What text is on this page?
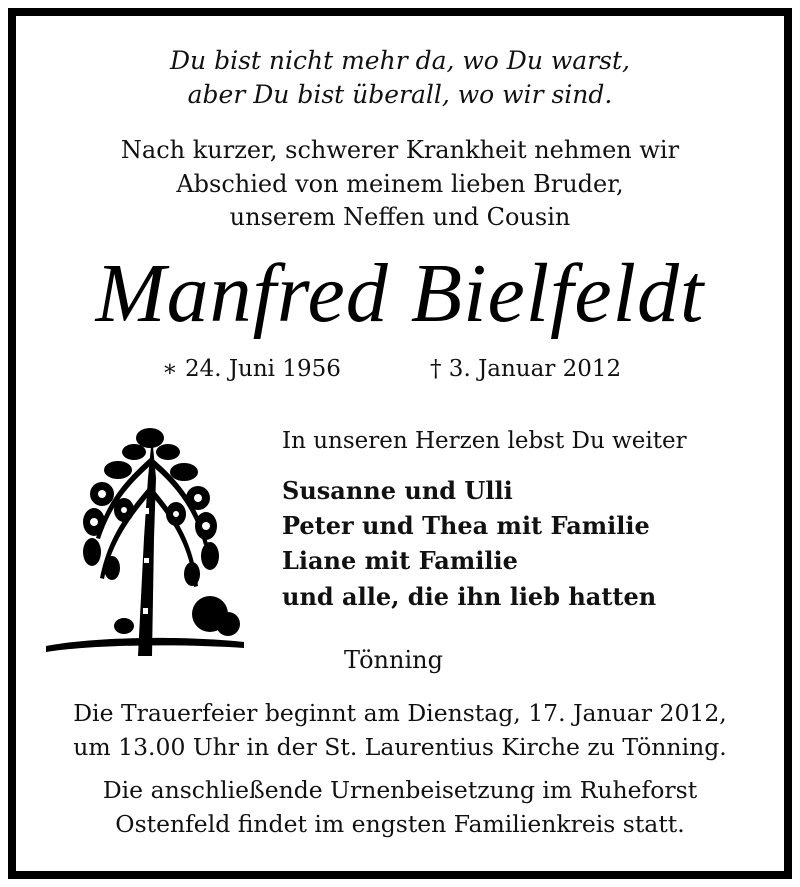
Du bist nicht mehr da, wo Du warst,
aber Du bist überall, wo wir sind.
Nach kurzer, schwerer Krankheit nehmen wir
Abschied von meinem lieben Bruder,
unserem Neffen und Cousin
Manfred Bielfeldt
∗ 24. Juni 1956	† 3. Januar 2012
In unseren Herzen lebst Du weiter
Susanne und Ulli
Peter und Thea mit Familie
Liane mit Familie
und alle, die ihn lieb hatten
Tönning
Die Trauerfeier beginnt am Dienstag, 17. Januar 2012,
um 13.00 Uhr in der St. Laurentius Kirche zu Tönning.
Die anschließende Urnenbeisetzung im Ruheforst
Ostenfeld findet im engsten Familienkreis statt.
